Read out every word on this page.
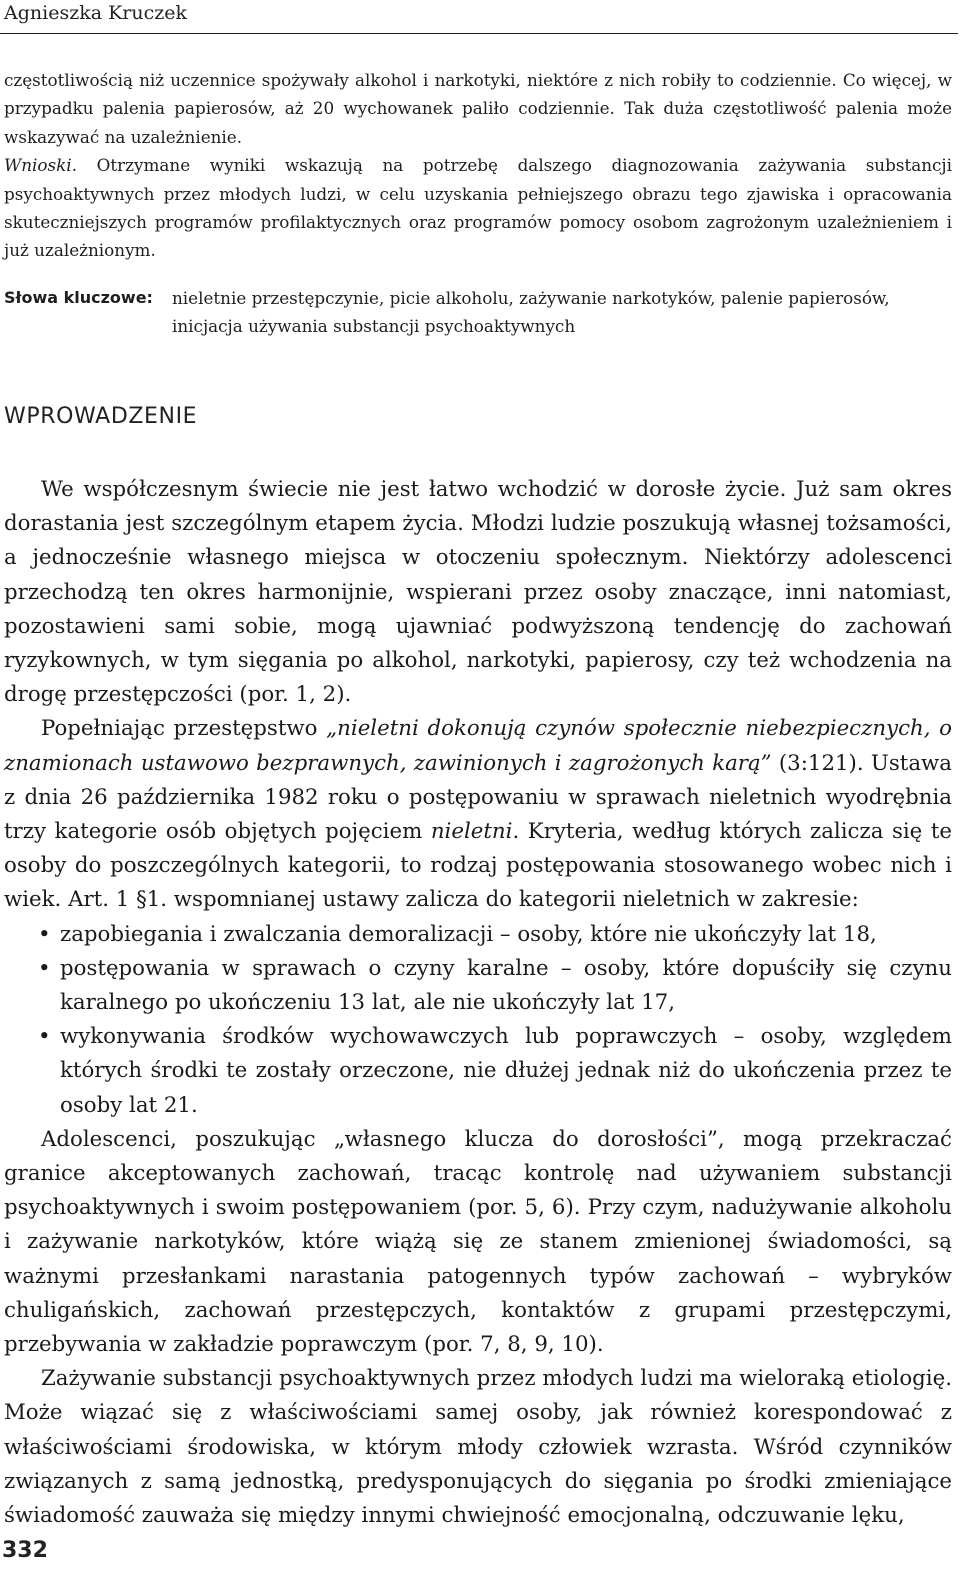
Agnieszka Kruczek

częstotliwością niż uczennice spożywały alkohol i narkotyki, niektóre z nich robiły to codziennie. Co więcej, w przypadku palenia papierosów, aż 20 wychowanek paliło codziennie. Tak duża częstotliwość palenia może wskazywać na uzależnienie.

Wnioski. Otrzymane wyniki wskazują na potrzebę dalszego diagnozowania zażywania substancji psychoaktywnych przez młodych ludzi, w celu uzyskania pełniejszego obrazu tego zjawiska i opracowania skuteczniejszych programów profilaktycznych oraz programów pomocy osobom zagrożonym uzależnieniem i już uzależnionym.

Słowa kluczowe: nieletnie przestępczynie, picie alkoholu, zażywanie narkotyków, palenie papierosów, inicjacja używania substancji psychoaktywnych
WPROWADZENIE

We współczesnym świecie nie jest łatwo wchodzić w dorosłe życie. Już sam okres dorastania jest szczególnym etapem życia. Młodzi ludzie poszukują własnej tożsamości, a jednocześnie własnego miejsca w otoczeniu społecznym. Niektórzy adolescenci przechodzą ten okres harmonijnie, wspierani przez osoby znaczące, inni natomiast, pozostawieni sami sobie, mogą ujawniać podwyższoną tendencję do zachowań ryzykownych, w tym sięgania po alkohol, narkotyki, papierosy, czy też wchodzenia na drogę przestępczości (por. 1, 2).

Popełniając przestępstwo „nieletni dokonują czynów społecznie niebezpiecznych, o znamionach ustawowo bezprawnych, zawinionych i zagrożonych karą” (3:121). Ustawa z dnia 26 października 1982 roku o postępowaniu w sprawach nieletnich wyodrębnia trzy kategorie osób objętych pojęciem nieletni. Kryteria, według których zalicza się te osoby do poszczególnych kategorii, to rodzaj postępowania stosowanego wobec nich i wiek. Art. 1 §1. wspomnianej ustawy zalicza do kategorii nieletnich w zakresie:

• zapobiegania i zwalczania demoralizacji – osoby, które nie ukończyły lat 18,
• postępowania w sprawach o czyny karalne – osoby, które dopuściły się czynu karalnego po ukończeniu 13 lat, ale nie ukończyły lat 17,
• wykonywania środków wychowawczych lub poprawczych – osoby, względem których środki te zostały orzeczone, nie dłużej jednak niż do ukończenia przez te osoby lat 21.

Adolescenci, poszukując „własnego klucza do dorosłości”, mogą przekraczać granice akceptowanych zachowań, tracąc kontrolę nad używaniem substancji psychoaktywnych i swoim postępowaniem (por. 5, 6). Przy czym, nadużywanie alkoholu i zażywanie narkotyków, które wiążą się ze stanem zmienionej świadomości, są ważnymi przesłankami narastania patogennych typów zachowań – wybryków chuligańskich, zachowań przestępczych, kontaktów z grupami przestępczymi, przebywania w zakładzie poprawczym (por. 7, 8, 9, 10).

Zażywanie substancji psychoaktywnych przez młodych ludzi ma wieloraką etiologię. Może wiązać się z właściwościami samej osoby, jak również korespondować z właściwościami środowiska, w którym młody człowiek wzrasta. Wśród czynników związanych z samą jednostką, predysponujących do sięgania po środki zmieniające świadomość zauważa się między innymi chwiejność emocjonalną, odczuwanie lęku,

332
